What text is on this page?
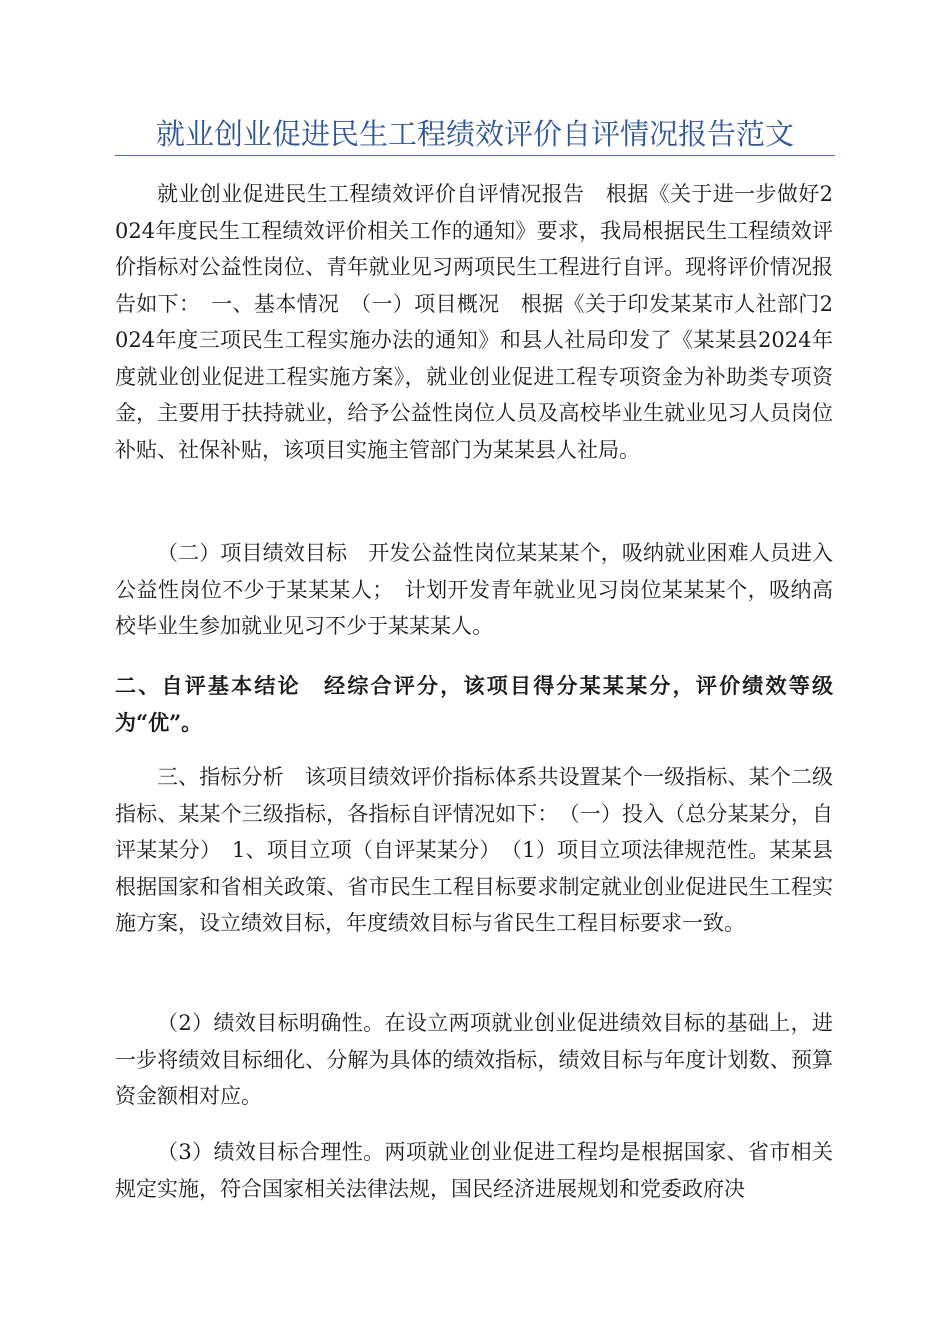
就业创业促进民生工程绩效评价自评情况报告范文

就业创业促进民生工程绩效评价自评情况报告　根据《关于进一步做好2024年度民生工程绩效评价相关工作的通知》要求，我局根据民生工程绩效评价指标对公益性岗位、青年就业见习两项民生工程进行自评。现将评价情况报告如下：　一、基本情况　（一）项目概况　根据《关于印发某某市人社部门2024年度三项民生工程实施办法的通知》和县人社局印发了《某某县2024年度就业创业促进工程实施方案》，就业创业促进工程专项资金为补助类专项资金，主要用于扶持就业，给予公益性岗位人员及高校毕业生就业见习人员岗位补贴、社保补贴，该项目实施主管部门为某某县人社局。

（二）项目绩效目标　开发公益性岗位某某某个，吸纳就业困难人员进入公益性岗位不少于某某某人；　计划开发青年就业见习岗位某某某个，吸纳高校毕业生参加就业见习不少于某某某人。

二、自评基本结论　经综合评分，该项目得分某某某分，评价绩效等级为“优”。

三、指标分析　该项目绩效评价指标体系共设置某个一级指标、某个二级指标、某某个三级指标，各指标自评情况如下：　（一）投入（总分某某分，自评某某分）　1、项目立项（自评某某分）　（1）项目立项法律规范性。某某县根据国家和省相关政策、省市民生工程目标要求制定就业创业促进民生工程实施方案，设立绩效目标，年度绩效目标与省民生工程目标要求一致。

（2）绩效目标明确性。在设立两项就业创业促进绩效目标的基础上，进一步将绩效目标细化、分解为具体的绩效指标，绩效目标与年度计划数、预算资金额相对应。

（3）绩效目标合理性。两项就业创业促进工程均是根据国家、省市相关规定实施，符合国家相关法律法规，国民经济进展规划和党委政府决
